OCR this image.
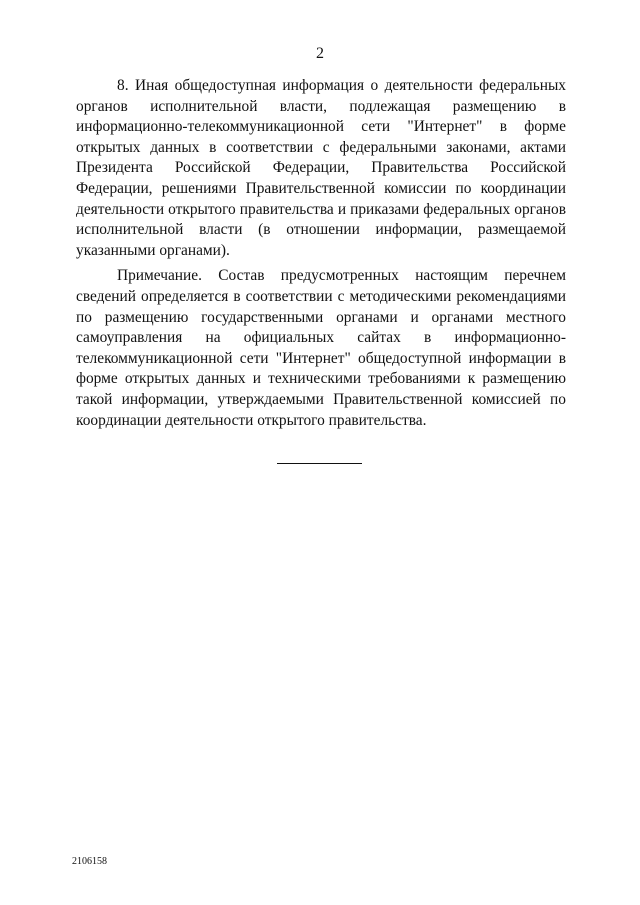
2

8. Иная общедоступная информация о деятельности федеральных
органов исполнительной власти, подлежащая размещению в
информационно-телекоммуникационной сети "Интернет" в форме
открытых данных в соответствии с федеральными законами, актами
Президента Российской Федерации, Правительства Российской
Федерации, решениями Правительственной комиссии по координации
деятельности открытого правительства и приказами федеральных органов
исполнительной власти (в отношении информации, размещаемой
указанными органами).

Примечание. Состав предусмотренных настоящим перечнем
сведений определяется в соответствии с методическими рекомендациями
по размещению государственными органами и органами местного
самоуправления на официальных сайтах в информационно-
телекоммуникационной сети "Интернет" общедоступной информации в
форме открытых данных и техническими требованиями к размещению
такой информации, утверждаемыми Правительственной комиссией по
координации деятельности открытого правительства.

2106158
